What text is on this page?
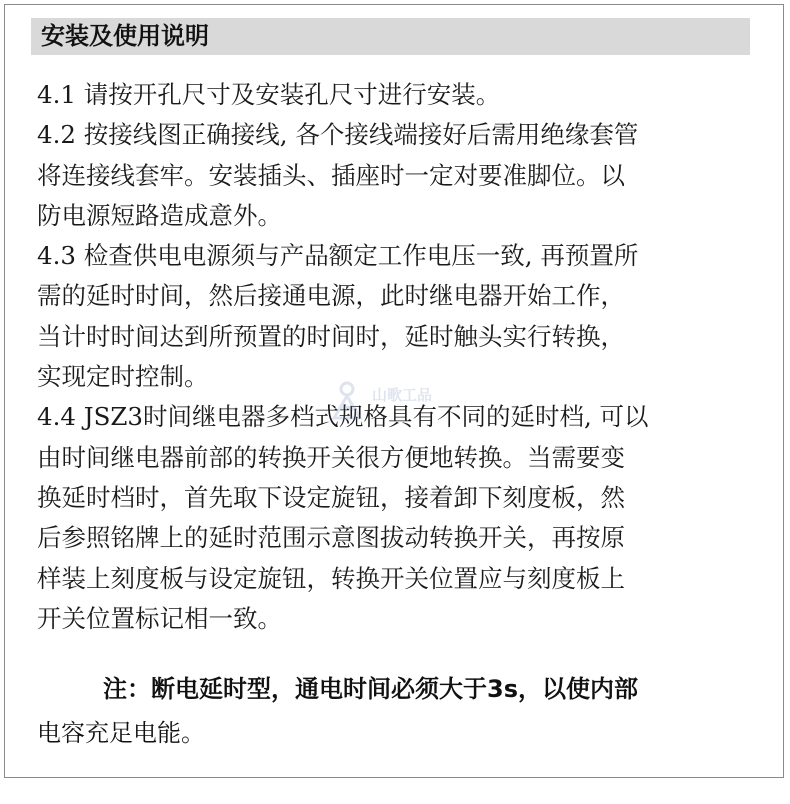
安装及使用说明
4.1 请按开孔尺寸及安装孔尺寸进行安装。
4.2 按接线图正确接线, 各个接线端接好后需用绝缘套管
将连接线套牢。安装插头、插座时一定对要准脚位。以
防电源短路造成意外。
4.3 检查供电电源须与产品额定工作电压一致, 再预置所
需的延时时间，然后接通电源，此时继电器开始工作，
当计时时间达到所预置的时间时，延时触头实行转换，
实现定时控制。
4.4 JSZ3时间继电器多档式规格具有不同的延时档, 可以
由时间继电器前部的转换开关很方便地转换。当需要变
换延时档时，首先取下设定旋钮，接着卸下刻度板，然
后参照铭牌上的延时范围示意图拔动转换开关，再按原
样装上刻度板与设定旋钮，转换开关位置应与刻度板上
开关位置标记相一致。
注：断电延时型，通电时间必须大于3s，以使内部
电容充足电能。
山歌工品
